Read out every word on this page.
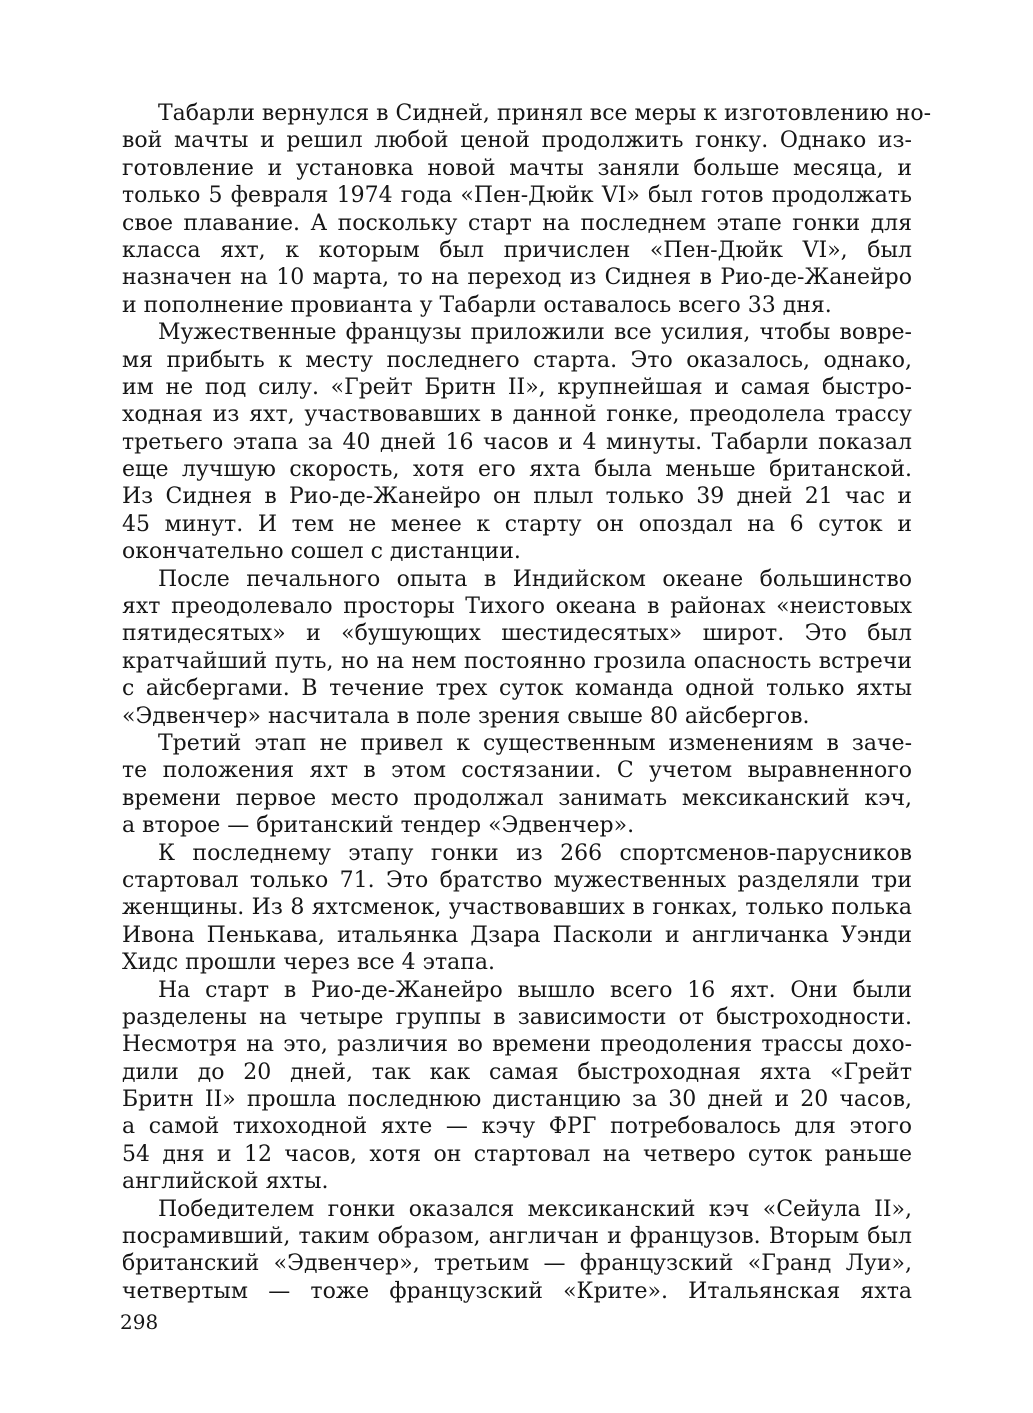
Табарли вернулся в Сидней, принял все меры к изготовлению но-
вой мачты и решил любой ценой продолжить гонку. Однако из-
готовление и установка новой мачты заняли больше месяца, и
только 5 февраля 1974 года «Пен-Дюйк VI» был готов продолжать
свое плавание. А поскольку старт на последнем этапе гонки для
класса яхт, к которым был причислен «Пен-Дюйк VI», был
назначен на 10 марта, то на переход из Сиднея в Рио-де-Жанейро
и пополнение провианта у Табарли оставалось всего 33 дня.
Мужественные французы приложили все усилия, чтобы вовре-
мя прибыть к месту последнего старта. Это оказалось, однако,
им не под силу. «Грейт Бритн II», крупнейшая и самая быстро-
ходная из яхт, участвовавших в данной гонке, преодолела трассу
третьего этапа за 40 дней 16 часов и 4 минуты. Табарли показал
еще лучшую скорость, хотя его яхта была меньше британской.
Из Сиднея в Рио-де-Жанейро он плыл только 39 дней 21 час и
45 минут. И тем не менее к старту он опоздал на 6 суток и
окончательно сошел с дистанции.
После печального опыта в Индийском океане большинство
яхт преодолевало просторы Тихого океана в районах «неистовых
пятидесятых» и «бушующих шестидесятых» широт. Это был
кратчайший путь, но на нем постоянно грозила опасность встречи
с айсбергами. В течение трех суток команда одной только яхты
«Эдвенчер» насчитала в поле зрения свыше 80 айсбергов.
Третий этап не привел к существенным изменениям в заче-
те положения яхт в этом состязании. С учетом выравненного
времени первое место продолжал занимать мексиканский кэч,
а второе — британский тендер «Эдвенчер».
К последнему этапу гонки из 266 спортсменов-парусников
стартовал только 71. Это братство мужественных разделяли три
женщины. Из 8 яхтсменок, участвовавших в гонках, только полька
Ивона Пенькава, итальянка Дзара Пасколи и англичанка Уэнди
Хидс прошли через все 4 этапа.
На старт в Рио-де-Жанейро вышло всего 16 яхт. Они были
разделены на четыре группы в зависимости от быстроходности.
Несмотря на это, различия во времени преодоления трассы дохо-
дили до 20 дней, так как самая быстроходная яхта «Грейт
Бритн II» прошла последнюю дистанцию за 30 дней и 20 часов,
а самой тихоходной яхте — кэчу ФРГ потребовалось для этого
54 дня и 12 часов, хотя он стартовал на четверо суток раньше
английской яхты.
Победителем гонки оказался мексиканский кэч «Сейула II»,
посрамивший, таким образом, англичан и французов. Вторым был
британский «Эдвенчер», третьим — французский «Гранд Луи»,
четвертым — тоже французский «Крите». Итальянская яхта
298
